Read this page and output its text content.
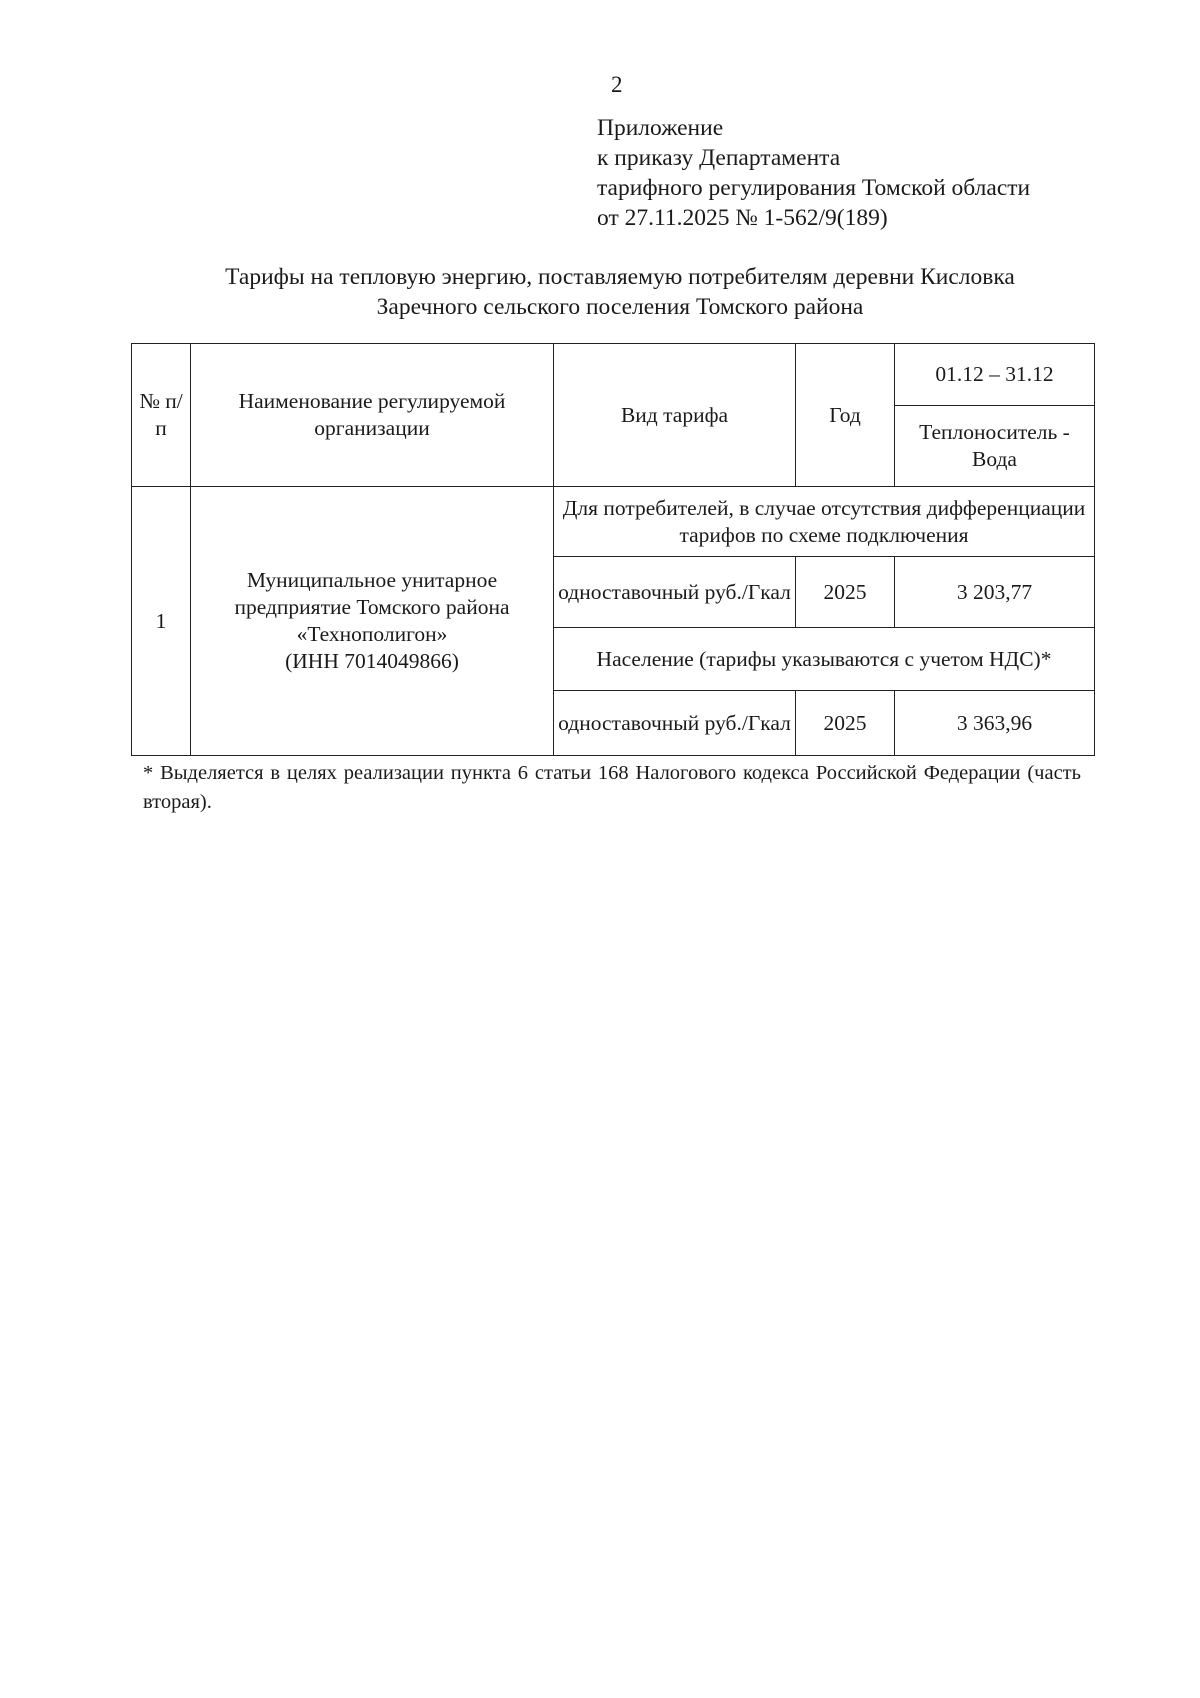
2
Приложение
к приказу Департамента
тарифного регулирования Томской области
от 27.11.2025 № 1-562/9(189)
Тарифы на тепловую энергию, поставляемую потребителям деревни Кисловка
Заречного сельского поселения Томского района
№ п/п	Наименование регулируемой организации	Вид тарифа	Год	01.12 – 31.12
				Теплоноситель - Вода
1	Муниципальное унитарное
предприятие Томского района
«Технополигон»
(ИНН 7014049866)	Для потребителей, в случае отсутствия дифференциации тарифов по схеме подключения		
		одноставочный руб./Гкал	2025	3 203,77
		Население (тарифы указываются с учетом НДС)*		
		одноставочный руб./Гкал	2025	3 363,96
* Выделяется в целях реализации пункта 6 статьи 168 Налогового кодекса Российской Федерации (часть вторая).
